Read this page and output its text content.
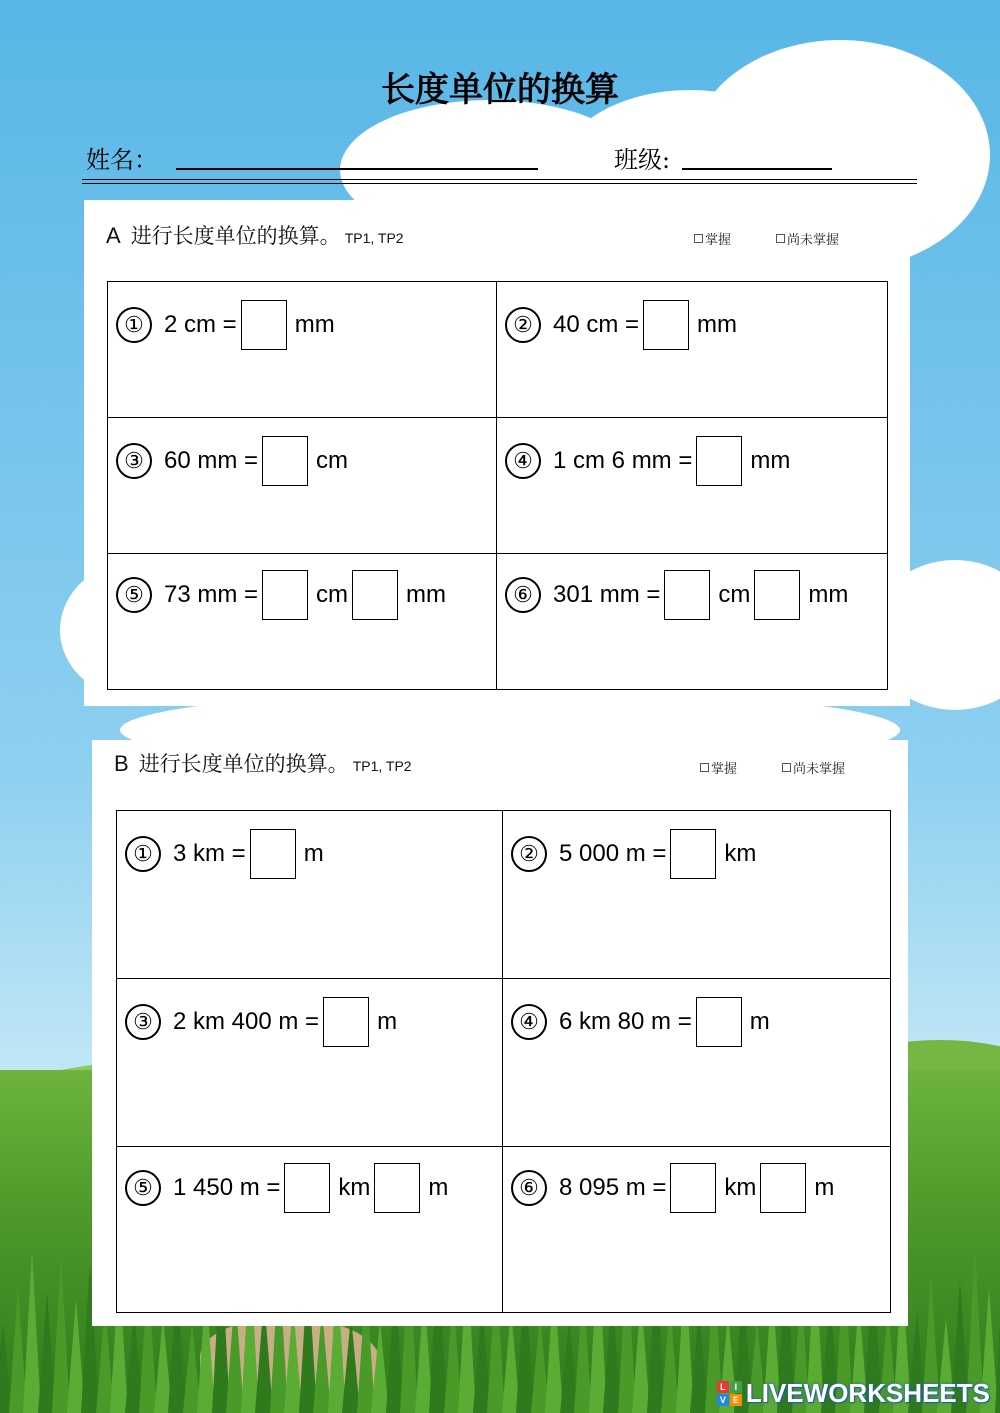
长度单位的换算
姓名：	班级:
A 进行长度单位的换算。 TP1, TP2	掌握	尚未掌握
① 2 cm = mm	② 40 cm = mm

③ 60 mm = cm	④ 1 cm 6 mm = mm

⑤ 73 mm = cm mm	⑥ 301 mm = cm mm
B 进行长度单位的换算。 TP1, TP2	掌握	尚未掌握
① 3 km = m	② 5 000 m = km

③ 2 km 400 m = m	④ 6 km 80 m = m

⑤ 1 450 m = km m	⑥ 8 095 m = km m
dreamstime
L I
V E LIVEWORKSHEETS
